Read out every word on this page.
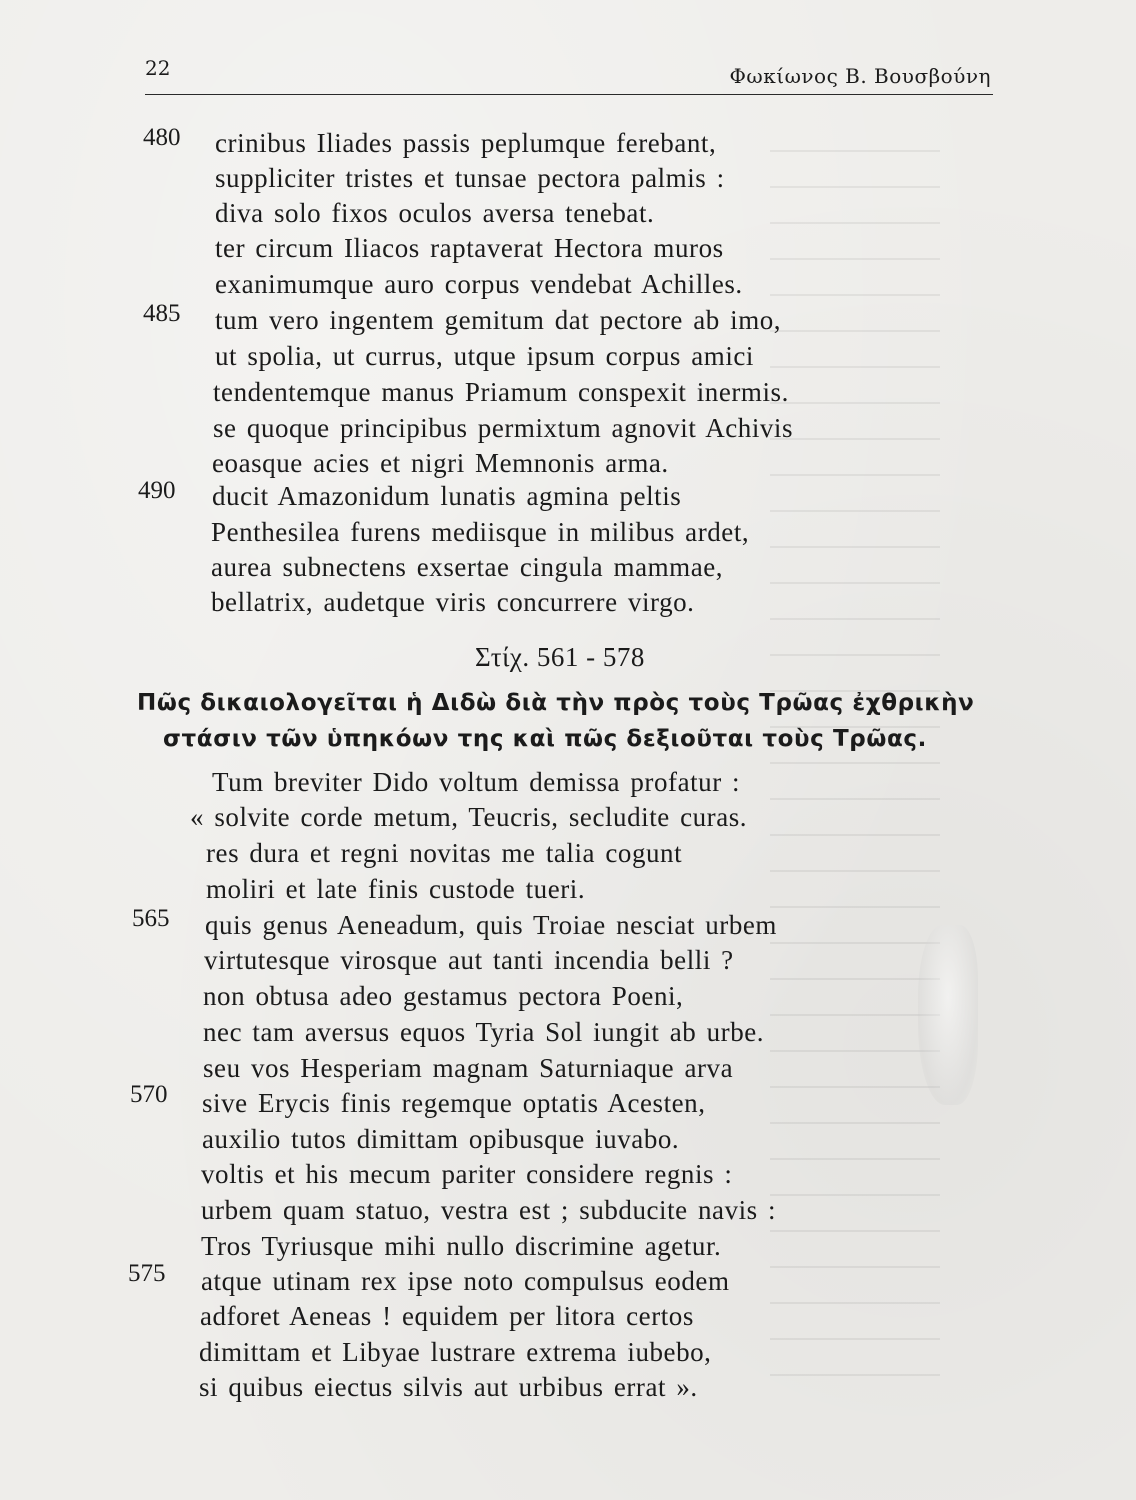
22	Φωκίωνος Β. Βουσβούνη
480 crinibus Iliades passis peplumque ferebant,
suppliciter tristes et tunsae pectora palmis :
diva solo fixos oculos aversa tenebat.
ter circum Iliacos raptaverat Hectora muros
exanimumque auro corpus vendebat Achilles.
485 tum vero ingentem gemitum dat pectore ab imo,
ut spolia, ut currus, utque ipsum corpus amici
tendentemque manus Priamum conspexit inermis.
se quoque principibus permixtum agnovit Achivis
eoasque acies et nigri Memnonis arma.
490 ducit Amazonidum lunatis agmina peltis
Penthesilea furens mediisque in milibus ardet,
aurea subnectens exsertae cingula mammae,
bellatrix, audetque viris concurrere virgo.
Στίχ. 561 - 578
Πῶς δικαιολογεῖται ἡ Διδὼ διὰ τὴν πρὸς τοὺς Τρῶας ἐχθρικὴν
στάσιν τῶν ὑπηκόων της καὶ πῶς δεξιοῦται τοὺς Τρῶας.
Tum breviter Dido voltum demissa profatur :
« solvite corde metum, Teucris, secludite curas.
res dura et regni novitas me talia cogunt
moliri et late finis custode tueri.
565 quis genus Aeneadum, quis Troiae nesciat urbem
virtutesque virosque aut tanti incendia belli ?
non obtusa adeo gestamus pectora Poeni,
nec tam aversus equos Tyria Sol iungit ab urbe.
seu vos Hesperiam magnam Saturniaque arva
570 sive Erycis finis regemque optatis Acesten,
auxilio tutos dimittam opibusque iuvabo.
voltis et his mecum pariter considere regnis :
urbem quam statuo, vestra est ; subducite navis :
Tros Tyriusque mihi nullo discrimine agetur.
575 atque utinam rex ipse noto compulsus eodem
adforet Aeneas ! equidem per litora certos
dimittam et Libyae lustrare extrema iubebo,
si quibus eiectus silvis aut urbibus errat ».
